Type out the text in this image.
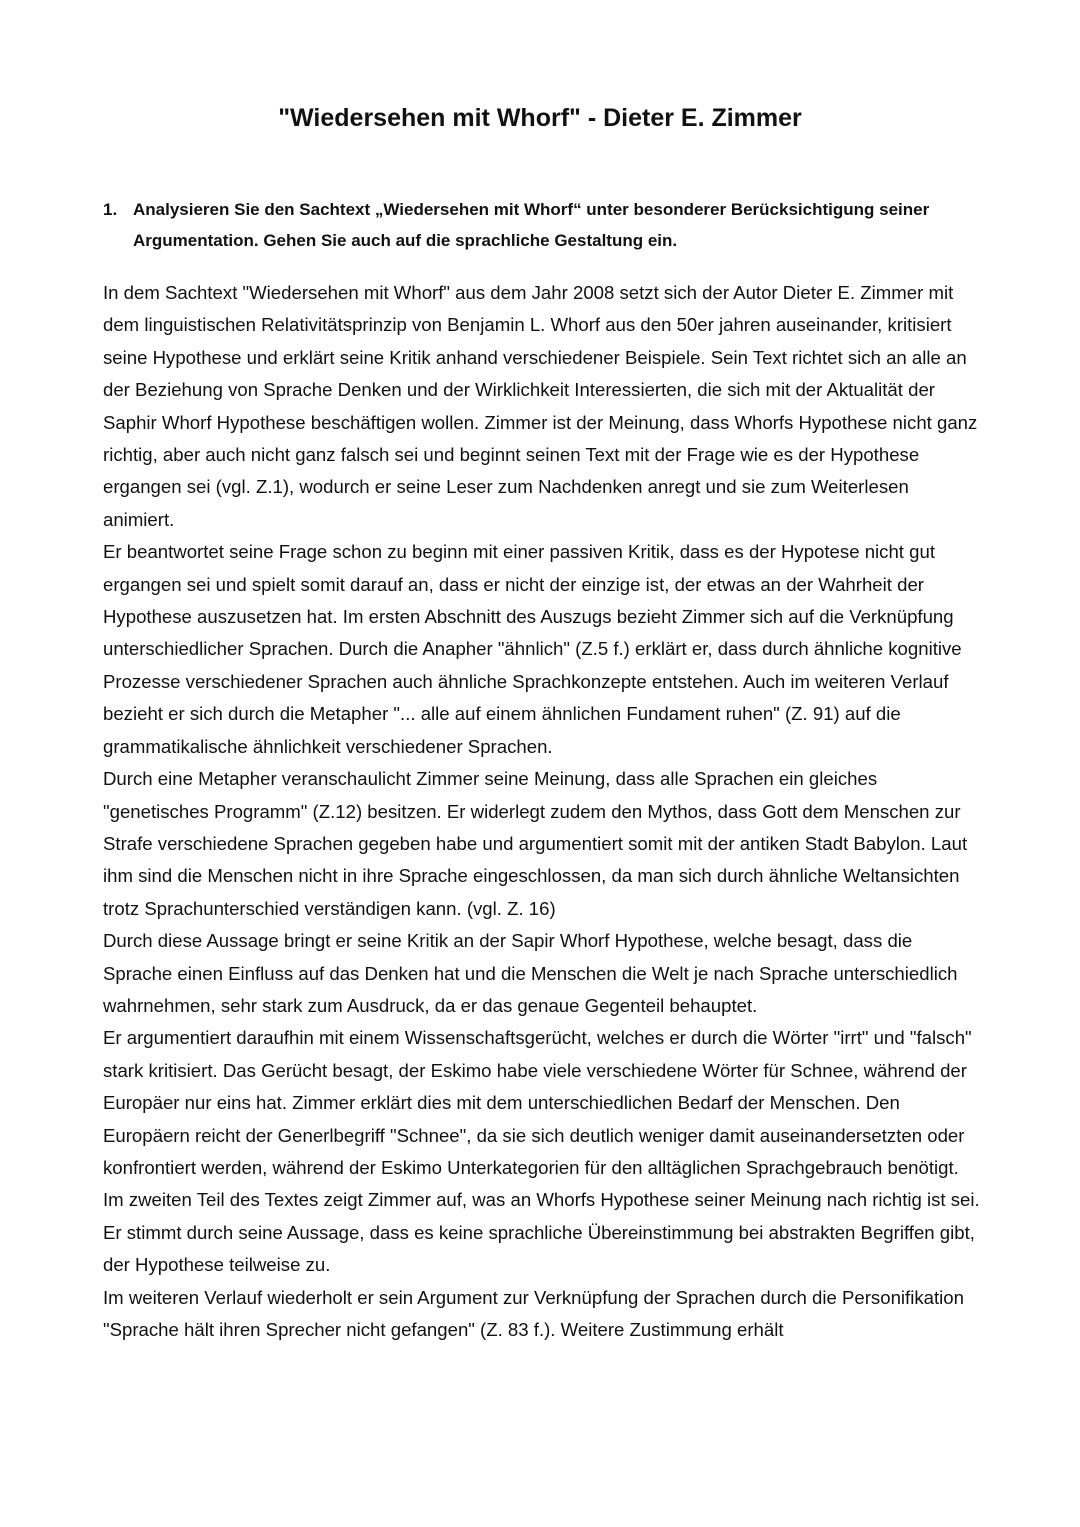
"Wiedersehen mit Whorf" - Dieter E. Zimmer
1. Analysieren Sie den Sachtext „Wiedersehen mit Whorf“ unter besonderer Berücksichtigung seiner Argumentation. Gehen Sie auch auf die sprachliche Gestaltung ein.

In dem Sachtext "Wiedersehen mit Whorf" aus dem Jahr 2008 setzt sich der Autor Dieter E. Zimmer mit dem linguistischen Relativitätsprinzip von Benjamin L. Whorf aus den 50er jahren auseinander, kritisiert seine Hypothese und erklärt seine Kritik anhand verschiedener Beispiele. Sein Text richtet sich an alle an der Beziehung von Sprache Denken und der Wirklichkeit Interessierten, die sich mit der Aktualität der Saphir Whorf Hypothese beschäftigen wollen. Zimmer ist der Meinung, dass Whorfs Hypothese nicht ganz richtig, aber auch nicht ganz falsch sei und beginnt seinen Text mit der Frage wie es der Hypothese ergangen sei (vgl. Z.1), wodurch er seine Leser zum Nachdenken anregt und sie zum Weiterlesen animiert.

Er beantwortet seine Frage schon zu beginn mit einer passiven Kritik, dass es der Hypotese nicht gut ergangen sei und spielt somit darauf an, dass er nicht der einzige ist, der etwas an der Wahrheit der Hypothese auszusetzen hat. Im ersten Abschnitt des Auszugs bezieht Zimmer sich auf die Verknüpfung unterschiedlicher Sprachen. Durch die Anapher "ähnlich" (Z.5 f.) erklärt er, dass durch ähnliche kognitive Prozesse verschiedener Sprachen auch ähnliche Sprachkonzepte entstehen. Auch im weiteren Verlauf bezieht er sich durch die Metapher "... alle auf einem ähnlichen Fundament ruhen" (Z. 91) auf die grammatikalische ähnlichkeit verschiedener Sprachen.

Durch eine Metapher veranschaulicht Zimmer seine Meinung, dass alle Sprachen ein gleiches "genetisches Programm" (Z.12) besitzen. Er widerlegt zudem den Mythos, dass Gott dem Menschen zur Strafe verschiedene Sprachen gegeben habe und argumentiert somit mit der antiken Stadt Babylon. Laut ihm sind die Menschen nicht in ihre Sprache eingeschlossen, da man sich durch ähnliche Weltansichten trotz Sprachunterschied verständigen kann. (vgl. Z. 16)

Durch diese Aussage bringt er seine Kritik an der Sapir Whorf Hypothese, welche besagt, dass die Sprache einen Einfluss auf das Denken hat und die Menschen die Welt je nach Sprache unterschiedlich wahrnehmen, sehr stark zum Ausdruck, da er das genaue Gegenteil behauptet.

Er argumentiert daraufhin mit einem Wissenschaftsgerücht, welches er durch die Wörter "irrt" und "falsch" stark kritisiert. Das Gerücht besagt, der Eskimo habe viele verschiedene Wörter für Schnee, während der Europäer nur eins hat. Zimmer erklärt dies mit dem unterschiedlichen Bedarf der Menschen. Den Europäern reicht der Generlbegriff "Schnee", da sie sich deutlich weniger damit auseinandersetzten oder konfrontiert werden, während der Eskimo Unterkategorien für den alltäglichen Sprachgebrauch benötigt.

Im zweiten Teil des Textes zeigt Zimmer auf, was an Whorfs Hypothese seiner Meinung nach richtig ist sei. Er stimmt durch seine Aussage, dass es keine sprachliche Übereinstimmung bei abstrakten Begriffen gibt, der Hypothese teilweise zu.

Im weiteren Verlauf wiederholt er sein Argument zur Verknüpfung der Sprachen durch die Personifikation "Sprache hält ihren Sprecher nicht gefangen" (Z. 83 f.). Weitere Zustimmung erhält
